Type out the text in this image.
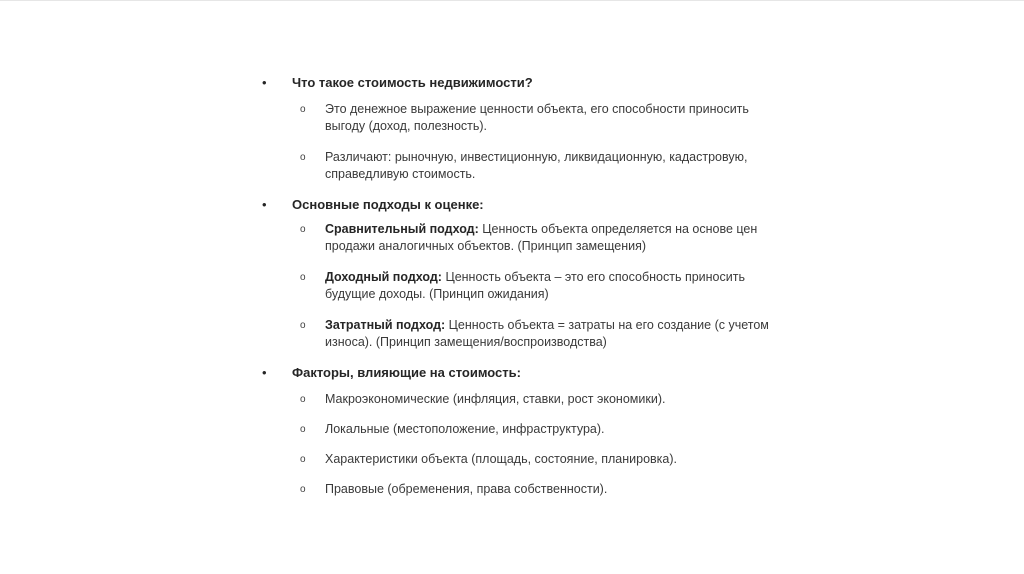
• Что такое стоимость недвижимости?
o Это денежное выражение ценности объекта, его способности приносить выгоду (доход, полезность).
o Различают: рыночную, инвестиционную, ликвидационную, кадастровую, справедливую стоимость.
• Основные подходы к оценке:
o Сравнительный подход: Ценность объекта определяется на основе цен продажи аналогичных объектов. (Принцип замещения)
o Доходный подход: Ценность объекта – это его способность приносить будущие доходы. (Принцип ожидания)
o Затратный подход: Ценность объекта = затраты на его создание (с учетом износа). (Принцип замещения/воспроизводства)
• Факторы, влияющие на стоимость:
o Макроэкономические (инфляция, ставки, рост экономики).
o Локальные (местоположение, инфраструктура).
o Характеристики объекта (площадь, состояние, планировка).
o Правовые (обременения, права собственности).
